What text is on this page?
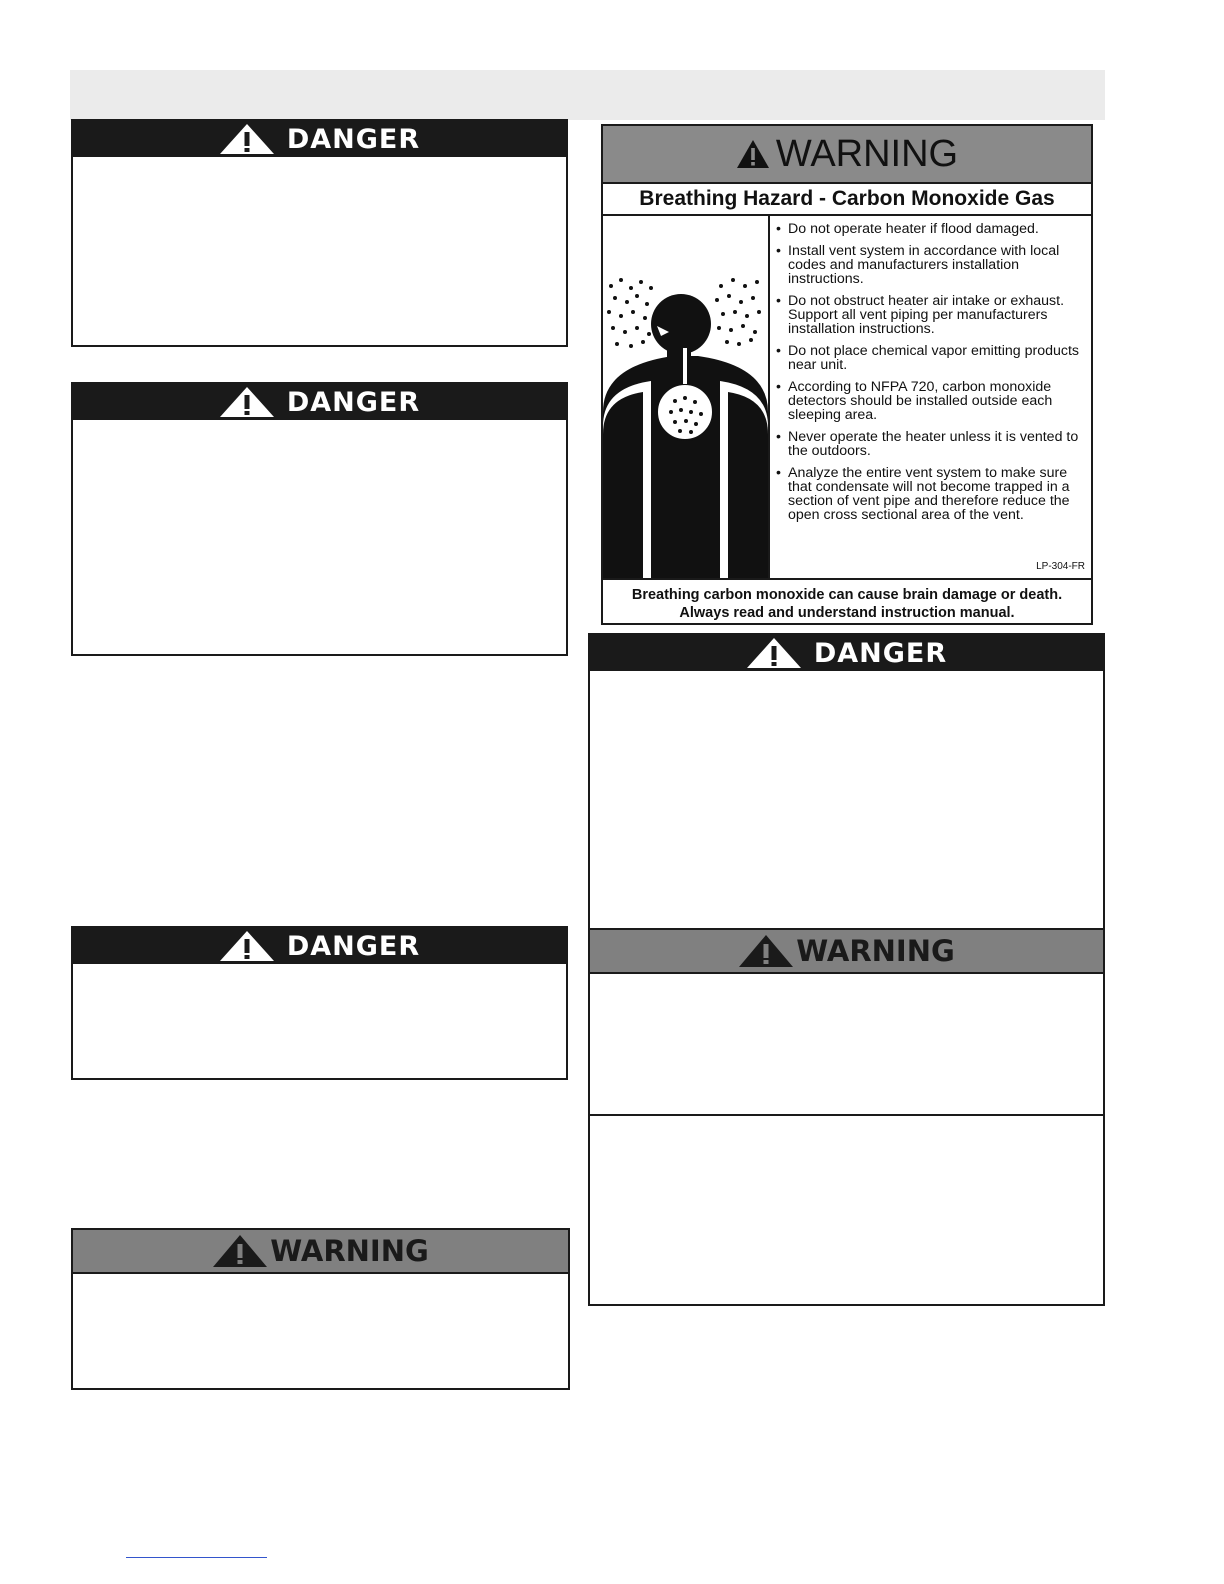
DANGER
DANGER
DANGER
WARNING
WARNING
Breathing Hazard - Carbon Monoxide Gas
• Do not operate heater if flood damaged.
• Install vent system in accordance with local codes and manufacturers installation instructions.
• Do not obstruct heater air intake or exhaust. Support all vent piping per manufacturers installation instructions.
• Do not place chemical vapor emitting products near unit.
• According to NFPA 720, carbon monoxide detectors should be installed outside each sleeping area.
• Never operate the heater unless it is vented to the outdoors.
• Analyze the entire vent system to make sure that condensate will not become trapped in a section of vent pipe and therefore reduce the open cross sectional area of the vent.
LP-304-FR
Breathing carbon monoxide can cause brain damage or death.
Always read and understand instruction manual.
DANGER
WARNING
